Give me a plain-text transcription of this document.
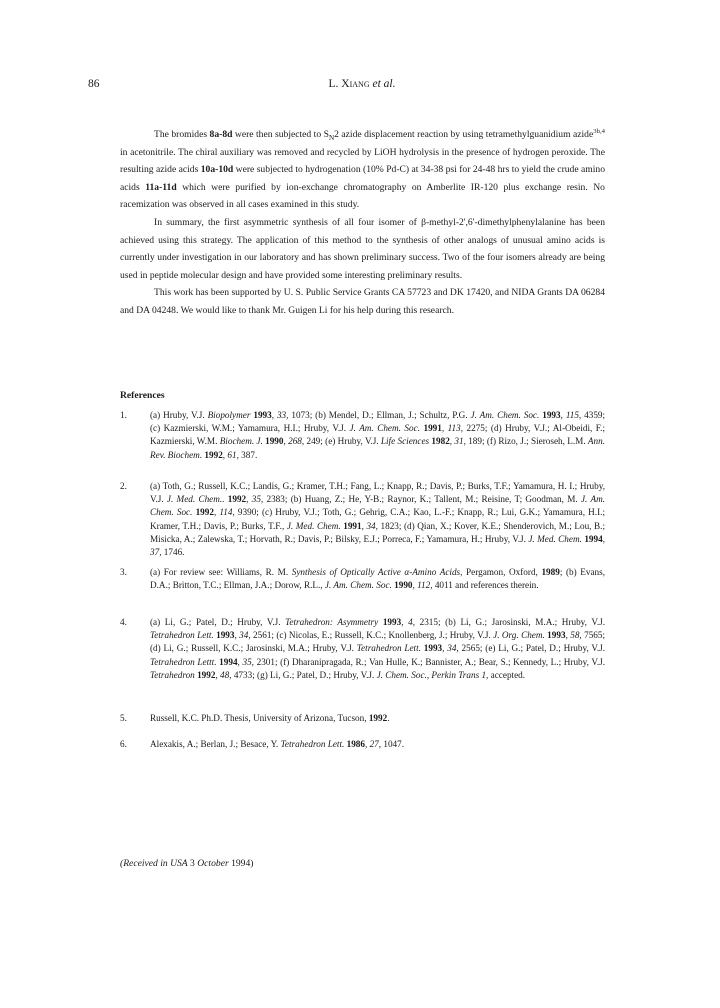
86	L. Xiang et al.

The bromides 8a-8d were then subjected to $S_N2$ azide displacement reaction by using tetramethylguanidium azide$^{3b,4}$ in acetonitrile. The chiral auxiliary was removed and recycled by LiOH hydrolysis in the presence of hydrogen peroxide. The resulting azide acids 10a-10d were subjected to hydrogenation (10% Pd-C) at 34-38 psi for 24-48 hrs to yield the crude amino acids 11a-11d which were purified by ion-exchange chromatography on Amberlite IR-120 plus exchange resin. No racemization was observed in all cases examined in this study.

In summary, the first asymmetric synthesis of all four isomer of β-methyl-2',6'-dimethylphenylalanine has been achieved using this strategy. The application of this method to the synthesis of other analogs of unusual amino acids is currently under investigation in our laboratory and has shown preliminary success. Two of the four isomers already are being used in peptide molecular design and have provided some interesting preliminary results.

This work has been supported by U. S. Public Service Grants CA 57723 and DK 17420, and NIDA Grants DA 06284 and DA 04248. We would like to thank Mr. Guigen Li for his help during this research.

References
1.	(a) Hruby, V.J. Biopolymer 1993, 33, 1073; (b) Mendel, D.; Ellman, J.; Schultz, P.G. J. Am. Chem. Soc. 1993, 115, 4359; (c) Kazmierski, W.M.; Yamamura, H.I.; Hruby, V.J. J. Am. Chem. Soc. 1991, 113, 2275; (d) Hruby, V.J.; Al-Obeidi, F.; Kazmierski, W.M. Biochem. J. 1990, 268, 249; (e) Hruby, V.J. Life Sciences 1982, 31, 189; (f) Rizo, J.; Sieroseh, L.M. Ann. Rev. Biochem. 1992, 61, 387.
2.	(a) Toth, G.; Russell, K.C.; Landis, G.; Kramer, T.H.; Fang, L.; Knapp, R.; Davis, P.; Burks, T.F.; Yamamura, H. I.; Hruby, V.J. J. Med. Chem.. 1992, 35, 2383; (b) Huang, Z.; He, Y-B.; Raynor, K.; Tallent, M.; Reisine, T; Goodman, M. J. Am. Chem. Soc. 1992, 114, 9390; (c) Hruby, V.J.; Toth, G.; Gehrig, C.A.; Kao, L.-F.; Knapp, R.; Lui, G.K.; Yamamura, H.I.; Kramer, T.H.; Davis, P.; Burks, T.F., J. Med. Chem. 1991, 34, 1823; (d) Qian, X.; Kover, K.E.; Shenderovich, M.; Lou, B.; Misicka, A.; Zalewska, T.; Horvath, R.; Davis, P.; Bilsky, E.J.; Porreca, F.; Yamamura, H.; Hruby, V.J. J. Med. Chem. 1994, 37, 1746.
3.	(a) For review see: Williams, R. M. Synthesis of Optically Active α-Amino Acids, Pergamon, Oxford, 1989; (b) Evans, D.A.; Britton, T.C.; Ellman, J.A.; Dorow, R.L., J. Am. Chem. Soc. 1990, 112, 4011 and references therein.
4.	(a) Li, G.; Patel, D.; Hruby, V.J. Tetrahedron: Asymmetry 1993, 4, 2315; (b) Li, G.; Jarosinski, M.A.; Hruby, V.J. Tetrahedron Lett. 1993, 34, 2561; (c) Nicolas, E.; Russell, K.C.; Knollenberg, J.; Hruby, V.J. J. Org. Chem. 1993, 58, 7565; (d) Li, G.; Russell, K.C.; Jarosinski, M.A.; Hruby, V.J. Tetrahedron Lett. 1993, 34, 2565; (e) Li, G.; Patel, D.; Hruby, V.J. Tetrahedron Lettt. 1994, 35, 2301; (f) Dharanipragada, R.; Van Hulle, K.; Bannister, A.; Bear, S.; Kennedy, L.; Hruby, V.J. Tetrahedron 1992, 48, 4733; (g) Li, G.; Patel, D.; Hruby, V.J. J. Chem. Soc., Perkin Trans 1, accepted.
5.	Russell, K.C. Ph.D. Thesis, University of Arizona, Tucson, 1992.
6.	Alexakis, A.; Berlan, J.; Besace, Y. Tetrahedron Lett. 1986, 27, 1047.
(Received in USA 3 October 1994)
